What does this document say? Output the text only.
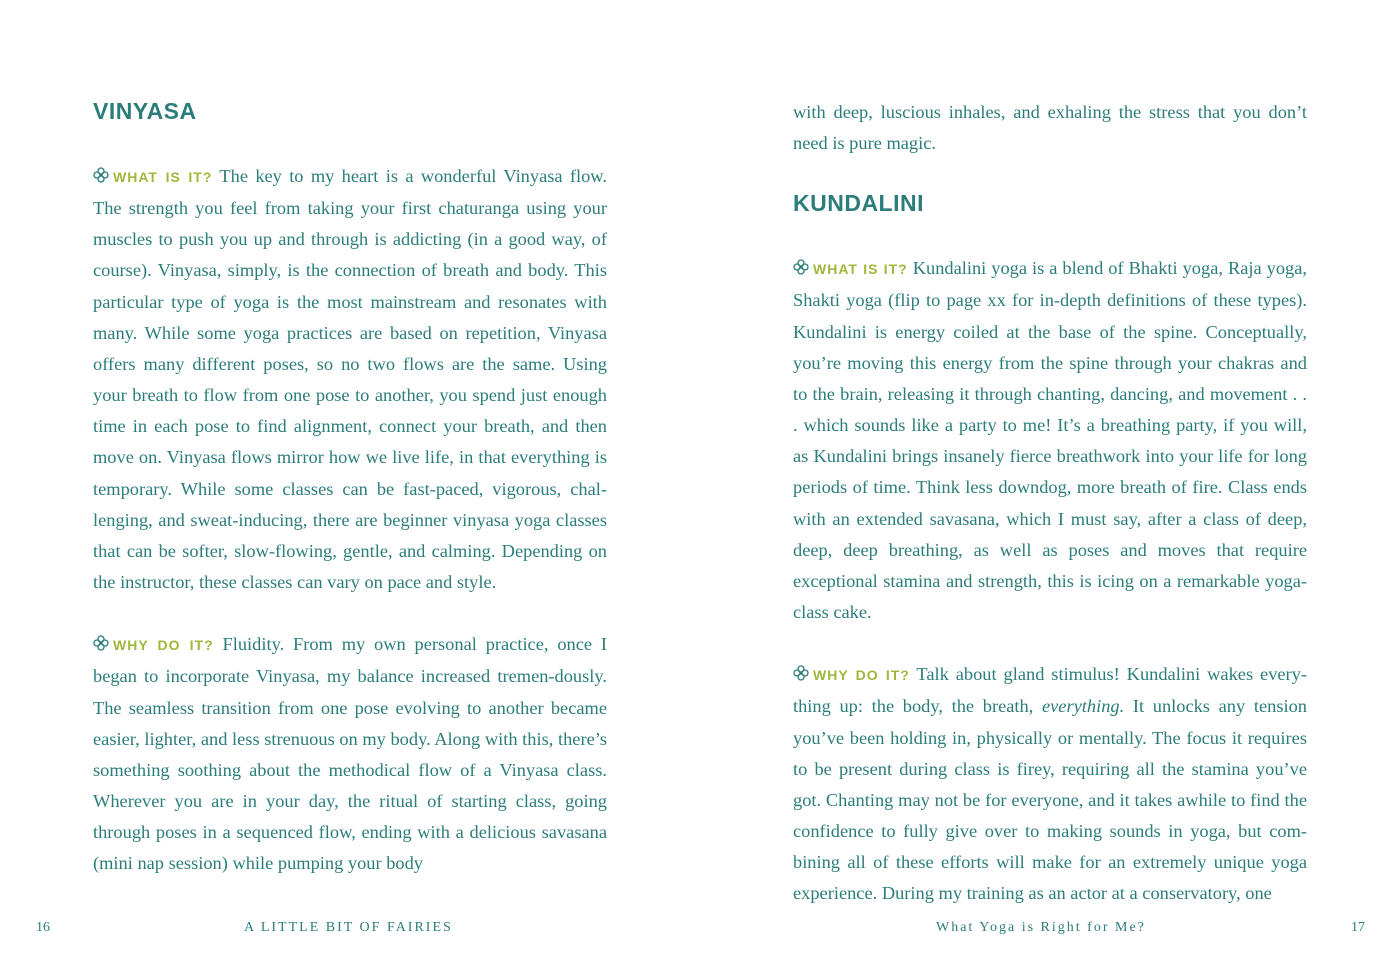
VINYASA

WHAT IS IT? The key to my heart is a wonderful Vinyasa flow. The strength you feel from taking your first chaturanga using your muscles to push you up and through is addicting (in a good way, of course). Vinyasa, simply, is the connection of breath and body. This particular type of yoga is the most mainstream and resonates with many. While some yoga practices are based on repetition, Vinyasa offers many different poses, so no two flows are the same. Using your breath to flow from one pose to another, you spend just enough time in each pose to find alignment, connect your breath, and then move on. Vinyasa flows mirror how we live life, in that everything is temporary. While some classes can be fast-paced, vigorous, chal-lenging, and sweat-inducing, there are beginner vinyasa yoga classes that can be softer, slow-flowing, gentle, and calming. Depending on the instructor, these classes can vary on pace and style.

WHY DO IT? Fluidity. From my own personal practice, once I began to incorporate Vinyasa, my balance increased tremen-dously. The seamless transition from one pose evolving to another became easier, lighter, and less strenuous on my body. Along with this, there’s something soothing about the methodical flow of a Vinyasa class. Wherever you are in your day, the ritual of starting class, going through poses in a sequenced flow, ending with a delicious savasana (mini nap session) while pumping your body

16	A LITTLE BIT OF FAIRIES

with deep, luscious inhales, and exhaling the stress that you don’t need is pure magic.

KUNDALINI

WHAT IS IT? Kundalini yoga is a blend of Bhakti yoga, Raja yoga, Shakti yoga (flip to page xx for in-depth definitions of these types). Kundalini is energy coiled at the base of the spine. Conceptually, you’re moving this energy from the spine through your chakras and to the brain, releasing it through chanting, dancing, and movement . . . which sounds like a party to me! It’s a breathing party, if you will, as Kundalini brings insanely fierce breathwork into your life for long periods of time. Think less downdog, more breath of fire. Class ends with an extended savasana, which I must say, after a class of deep, deep, deep breathing, as well as poses and moves that require exceptional stamina and strength, this is icing on a remarkable yoga-class cake.

WHY DO IT? Talk about gland stimulus! Kundalini wakes every-thing up: the body, the breath, everything. It unlocks any tension you’ve been holding in, physically or mentally. The focus it requires to be present during class is firey, requiring all the stamina you’ve got. Chanting may not be for everyone, and it takes awhile to find the confidence to fully give over to making sounds in yoga, but com-bining all of these efforts will make for an extremely unique yoga experience. During my training as an actor at a conservatory, one

What Yoga is Right for Me?	17
